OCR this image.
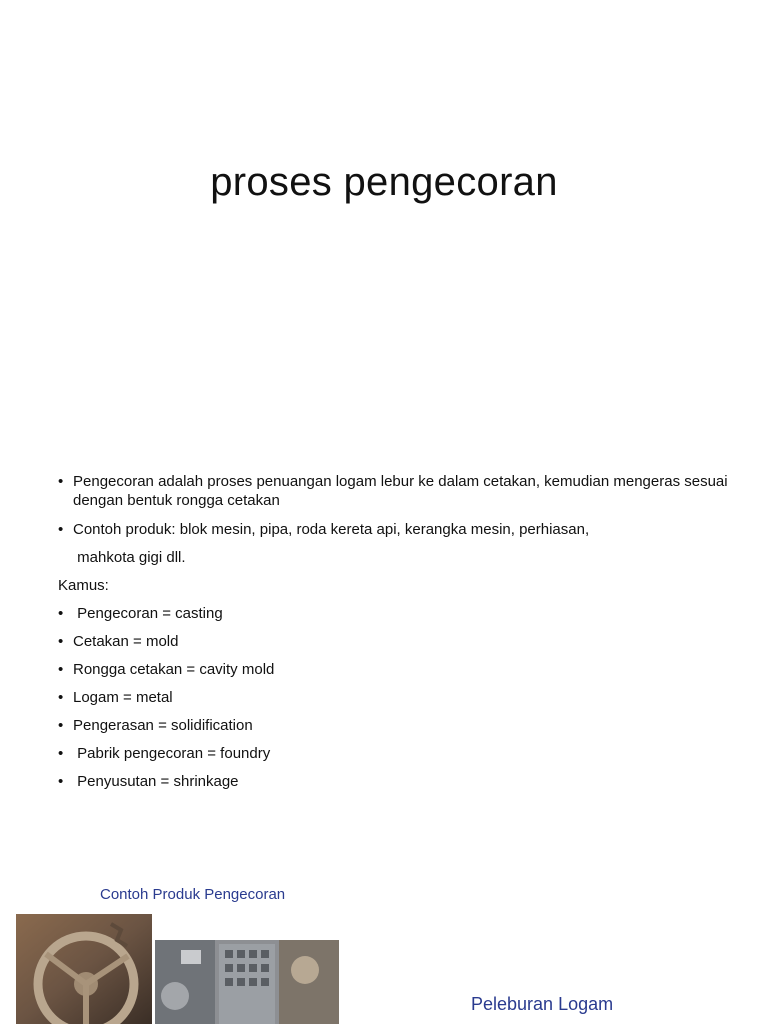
proses pengecoran
• Pengecoran adalah proses penuangan logam lebur ke dalam cetakan, kemudian mengeras sesuai dengan bentuk rongga cetakan
• Contoh produk: blok mesin, pipa, roda kereta api, kerangka mesin, perhiasan,
mahkota gigi dll.
Kamus:
• Pengecoran = casting
• Cetakan = mold
• Rongga cetakan = cavity mold
• Logam = metal
• Pengerasan = solidification
• Pabrik pengecoran = foundry
• Penyusutan = shrinkage
Contoh Produk Pengecoran
Peleburan Logam
